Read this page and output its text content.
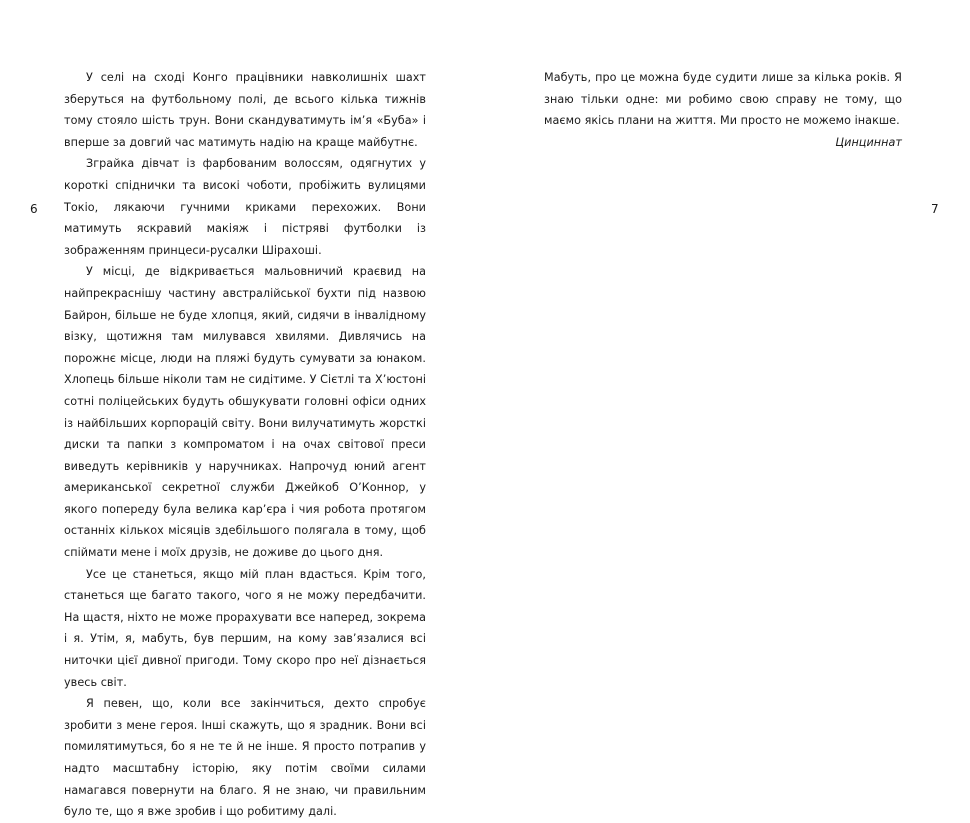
6

У селі на сході Конго працівники навколишніх шахт зберуться на футбольному полі, де всього кілька тижнів тому стояло шість трун. Вони скандуватимуть ім’я «Буба» і вперше за довгий час матимуть надію на краще майбутнє.

Зграйка дівчат із фарбованим волоссям, одягнутих у короткі спіднички та високі чоботи, пробіжить вулицями Токіо, лякаючи гучними криками перехожих. Вони матимуть яскравий макіяж і пістряві футболки із зображенням принцеси-русалки Шірахоші.

У місці, де відкривається мальовничий краєвид на найпрекраснішу частину австралійської бухти під назвою Байрон, більше не буде хлопця, який, сидячи в інвалідному візку, щотижня там милувався хвилями. Дивлячись на порожнє місце, люди на пляжі будуть сумувати за юнаком. Хлопець більше ніколи там не сидітиме. У Сієтлі та Х’юстоні сотні поліцейських будуть обшукувати головні офіси одних із найбільших корпорацій світу. Вони вилучатимуть жорсткі диски та папки з компроматом і на очах світової преси виведуть керівників у наручниках. Напрочуд юний агент американської секретної служби Джейкоб О’Коннор, у якого попереду була велика кар’єра і чия робота протягом останніх кількох місяців здебільшого полягала в тому, щоб спіймати мене і моїх друзів, не доживе до цього дня.

Усе це станеться, якщо мій план вдасться. Крім того, станеться ще багато такого, чого я не можу передбачити. На щастя, ніхто не може прорахувати все наперед, зокрема і я. Утім, я, мабуть, був першим, на кому зав’язалися всі ниточки цієї дивної пригоди. Тому скоро про неї дізнається увесь світ.

Я певен, що, коли все закінчиться, дехто спробує зробити з мене героя. Інші скажуть, що я зрадник. Вони всі помилятимуться, бо я не те й не інше. Я просто потрапив у надто масштабну історію, яку потім своїми силами намагався повернути на благо. Я не знаю, чи правильним було те, що я вже зробив і що робитиму далі.

Мабуть, про це можна буде судити лише за кілька років. Я знаю тільки одне: ми робимо свою справу не тому, що маємо якісь плани на життя. Ми просто не можемо інакше.

Цинциннат

7
